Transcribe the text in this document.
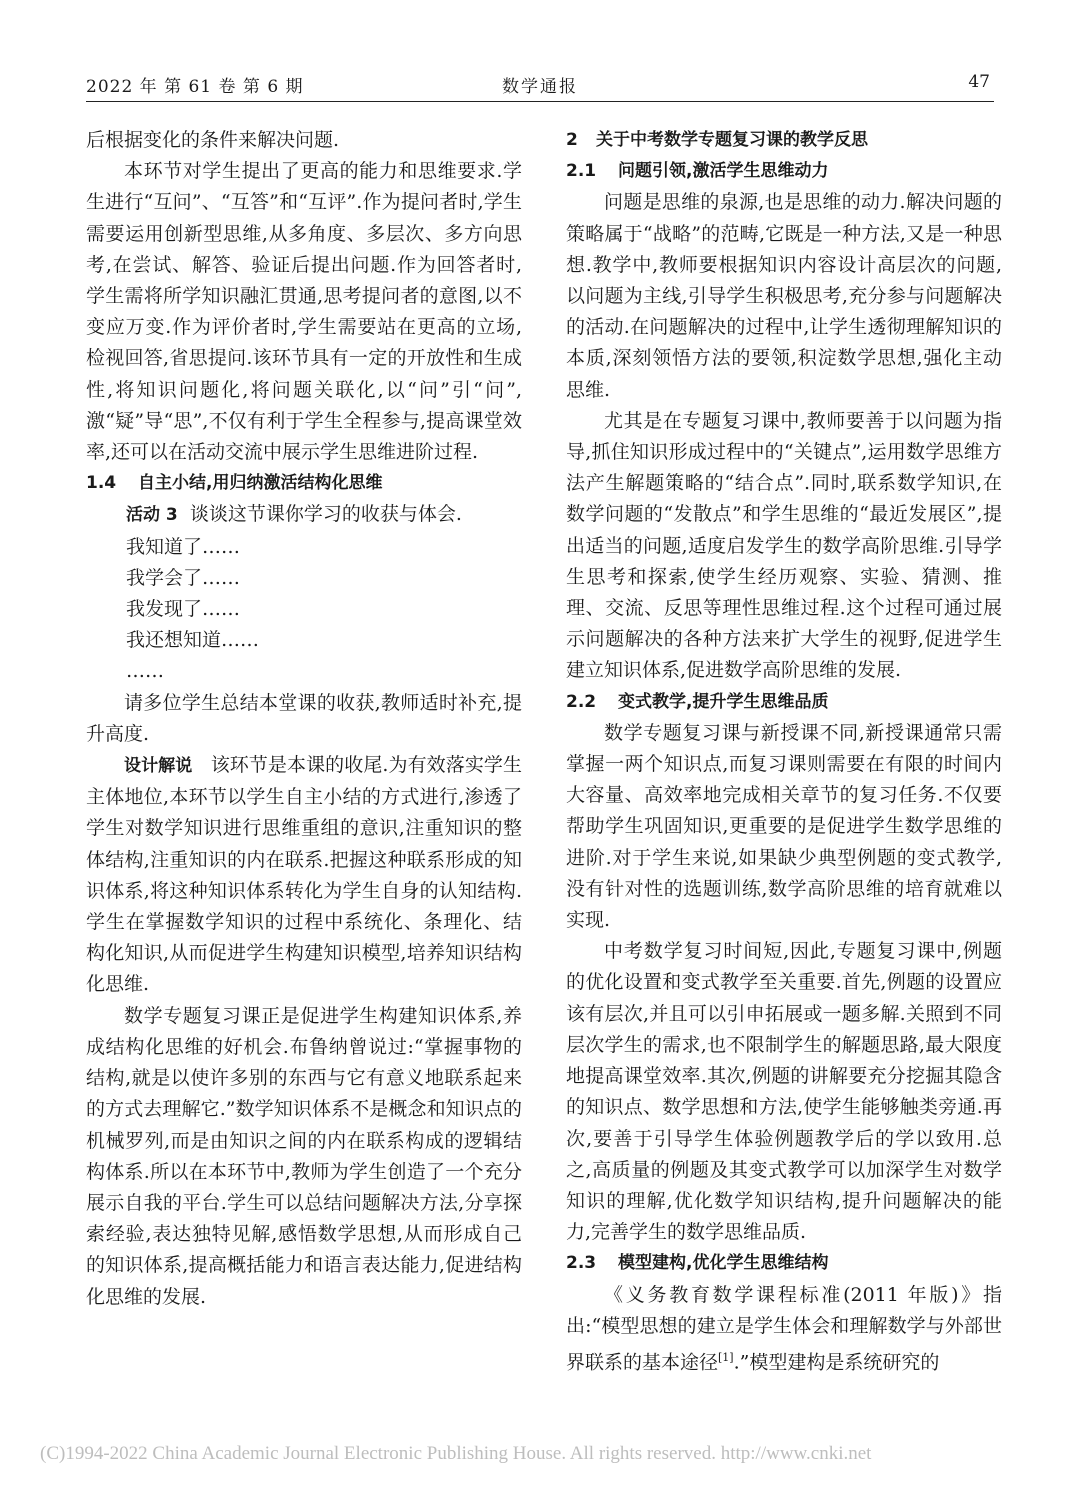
2022 年 第 61 卷 第 6 期	数学通报	47

后根据变化的条件来解决问题.

本环节对学生提出了更高的能力和思维要求.学生进行“互问”、“互答”和“互评”.作为提问者时,学生需要运用创新型思维,从多角度、多层次、多方向思考,在尝试、解答、验证后提出问题.作为回答者时,学生需将所学知识融汇贯通,思考提问者的意图,以不变应万变.作为评价者时,学生需要站在更高的立场,检视回答,省思提问.该环节具有一定的开放性和生成性,将知识问题化,将问题关联化,以“问”引“问”,激“疑”导“思”,不仅有利于学生全程参与,提高课堂效率,还可以在活动交流中展示学生思维进阶过程.

1.4 自主小结,用归纳激活结构化思维
活动 3 谈谈这节课你学习的收获与体会.
我知道了……
我学会了……
我发现了……
我还想知道……
……

请多位学生总结本堂课的收获,教师适时补充,提升高度.

设计解说 该环节是本课的收尾.为有效落实学生主体地位,本环节以学生自主小结的方式进行,渗透了学生对数学知识进行思维重组的意识,注重知识的整体结构,注重知识的内在联系.把握这种联系形成的知识体系,将这种知识体系转化为学生自身的认知结构.学生在掌握数学知识的过程中系统化、条理化、结构化知识,从而促进学生构建知识模型,培养知识结构化思维.

数学专题复习课正是促进学生构建知识体系,养成结构化思维的好机会.布鲁纳曾说过:“掌握事物的结构,就是以使许多别的东西与它有意义地联系起来的方式去理解它.”数学知识体系不是概念和知识点的机械罗列,而是由知识之间的内在联系构成的逻辑结构体系.所以在本环节中,教师为学生创造了一个充分展示自我的平台.学生可以总结问题解决方法,分享探索经验,表达独特见解,感悟数学思想,从而形成自己的知识体系,提高概括能力和语言表达能力,促进结构化思维的发展.

2 关于中考数学专题复习课的教学反思
2.1 问题引领,激活学生思维动力

问题是思维的泉源,也是思维的动力.解决问题的策略属于“战略”的范畴,它既是一种方法,又是一种思想.教学中,教师要根据知识内容设计高层次的问题,以问题为主线,引导学生积极思考,充分参与问题解决的活动.在问题解决的过程中,让学生透彻理解知识的本质,深刻领悟方法的要领,积淀数学思想,强化主动思维.

尤其是在专题复习课中,教师要善于以问题为指导,抓住知识形成过程中的“关键点”,运用数学思维方法产生解题策略的“结合点”.同时,联系数学知识,在数学问题的“发散点”和学生思维的“最近发展区”,提出适当的问题,适度启发学生的数学高阶思维.引导学生思考和探索,使学生经历观察、实验、猜测、推理、交流、反思等理性思维过程.这个过程可通过展示问题解决的各种方法来扩大学生的视野,促进学生建立知识体系,促进数学高阶思维的发展.

2.2 变式教学,提升学生思维品质

数学专题复习课与新授课不同,新授课通常只需掌握一两个知识点,而复习课则需要在有限的时间内大容量、高效率地完成相关章节的复习任务.不仅要帮助学生巩固知识,更重要的是促进学生数学思维的进阶.对于学生来说,如果缺少典型例题的变式教学,没有针对性的选题训练,数学高阶思维的培育就难以实现.

中考数学复习时间短,因此,专题复习课中,例题的优化设置和变式教学至关重要.首先,例题的设置应该有层次,并且可以引申拓展或一题多解.关照到不同层次学生的需求,也不限制学生的解题思路,最大限度地提高课堂效率.其次,例题的讲解要充分挖掘其隐含的知识点、数学思想和方法,使学生能够触类旁通.再次,要善于引导学生体验例题教学后的学以致用.总之,高质量的例题及其变式教学可以加深学生对数学知识的理解,优化数学知识结构,提升问题解决的能力,完善学生的数学思维品质.

2.3 模型建构,优化学生思维结构

《义务教育数学课程标准(2011 年版)》指出:“模型思想的建立是学生体会和理解数学与外部世界联系的基本途径[1].”模型建构是系统研究的

(C)1994-2022 China Academic Journal Electronic Publishing House. All rights reserved. http://www.cnki.net
